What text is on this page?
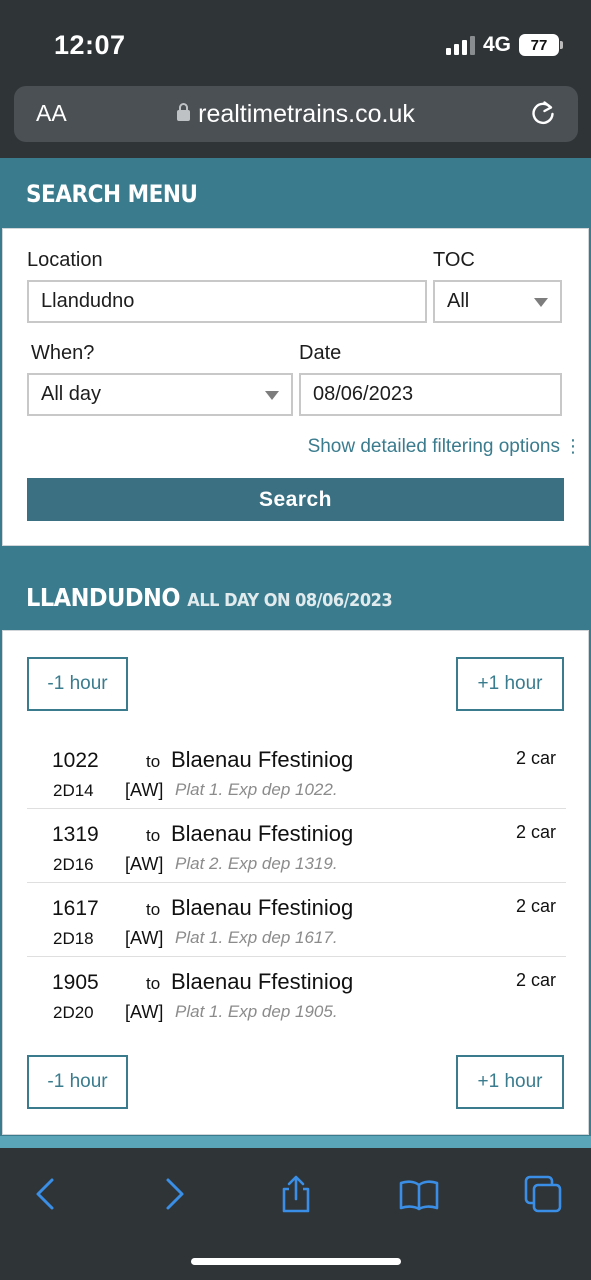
12:07	4G	77
AA	realtimetrains.co.uk
SEARCH MENU
Location
Llandudno
TOC
All
When?
All day
Date
08/06/2023
Show detailed filtering options ⋮
Search
LLANDUDNO ALL DAY ON 08/06/2023
-1 hour	+1 hour
1022	to Blaenau Ffestiniog	2 car
2D14 [AW] Plat 1. Exp dep 1022.
1319	to Blaenau Ffestiniog	2 car
2D16 [AW] Plat 2. Exp dep 1319.
1617	to Blaenau Ffestiniog	2 car
2D18 [AW] Plat 1. Exp dep 1617.
1905	to Blaenau Ffestiniog	2 car
2D20 [AW] Plat 1. Exp dep 1905.
-1 hour	+1 hour
